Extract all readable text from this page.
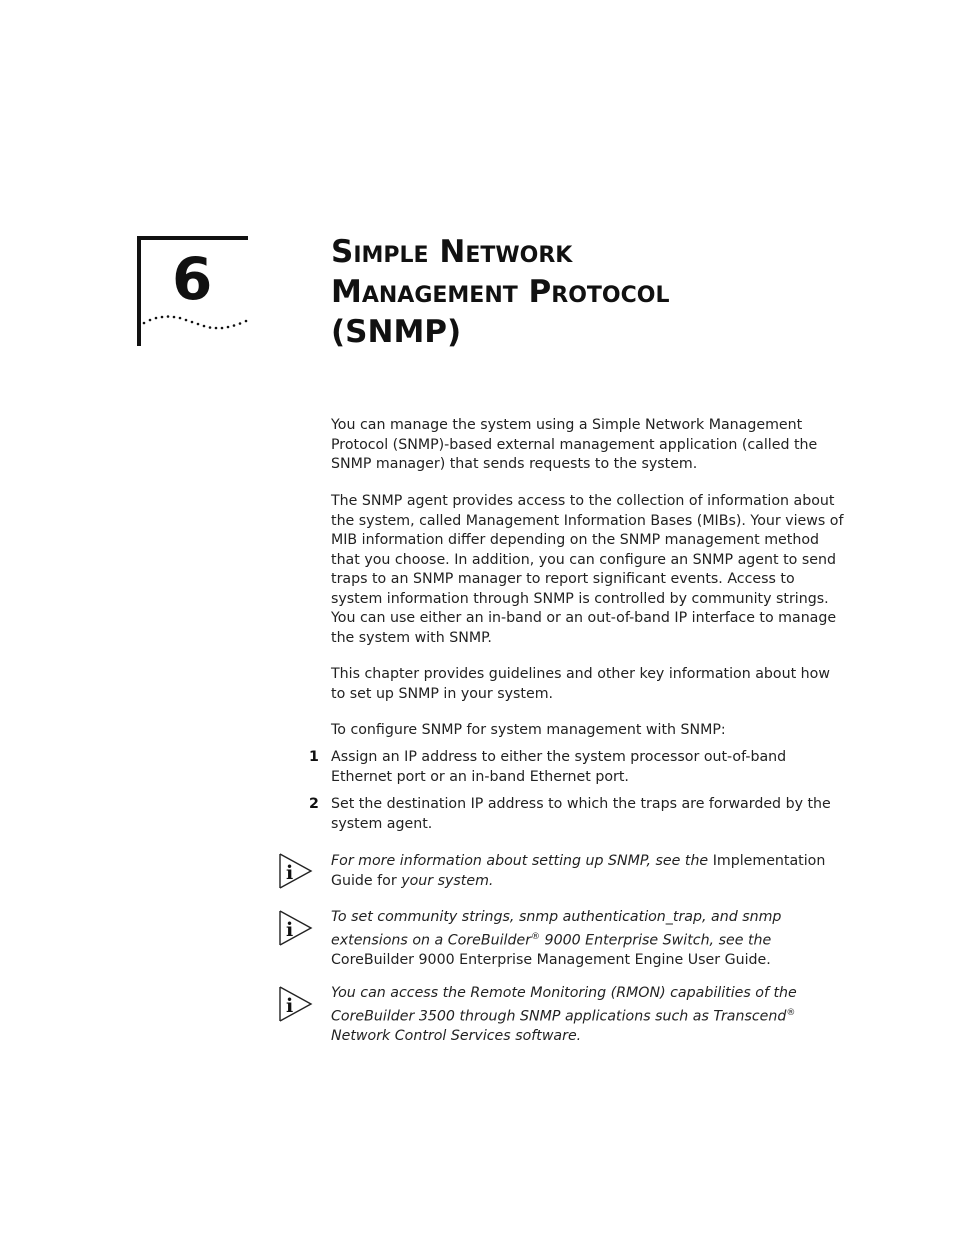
6	Simple Network
Management Protocol
(SNMP)

You can manage the system using a Simple Network Management Protocol (SNMP)-based external management application (called the SNMP manager) that sends requests to the system.

The SNMP agent provides access to the collection of information about the system, called Management Information Bases (MIBs). Your views of MIB information differ depending on the SNMP management method that you choose. In addition, you can configure an SNMP agent to send traps to an SNMP manager to report significant events. Access to system information through SNMP is controlled by community strings. You can use either an in-band or an out-of-band IP interface to manage the system with SNMP.

This chapter provides guidelines and other key information about how to set up SNMP in your system.

To configure SNMP for system management with SNMP:

1 Assign an IP address to either the system processor out-of-band Ethernet port or an in-band Ethernet port.

2 Set the destination IP address to which the traps are forwarded by the system agent.

i

For more information about setting up SNMP, see the Implementation Guide for your system.

i

To set community strings, snmp authentication_trap, and snmp extensions on a CoreBuilder® 9000 Enterprise Switch, see the CoreBuilder 9000 Enterprise Management Engine User Guide.

i

You can access the Remote Monitoring (RMON) capabilities of the CoreBuilder 3500 through SNMP applications such as Transcend® Network Control Services software.
